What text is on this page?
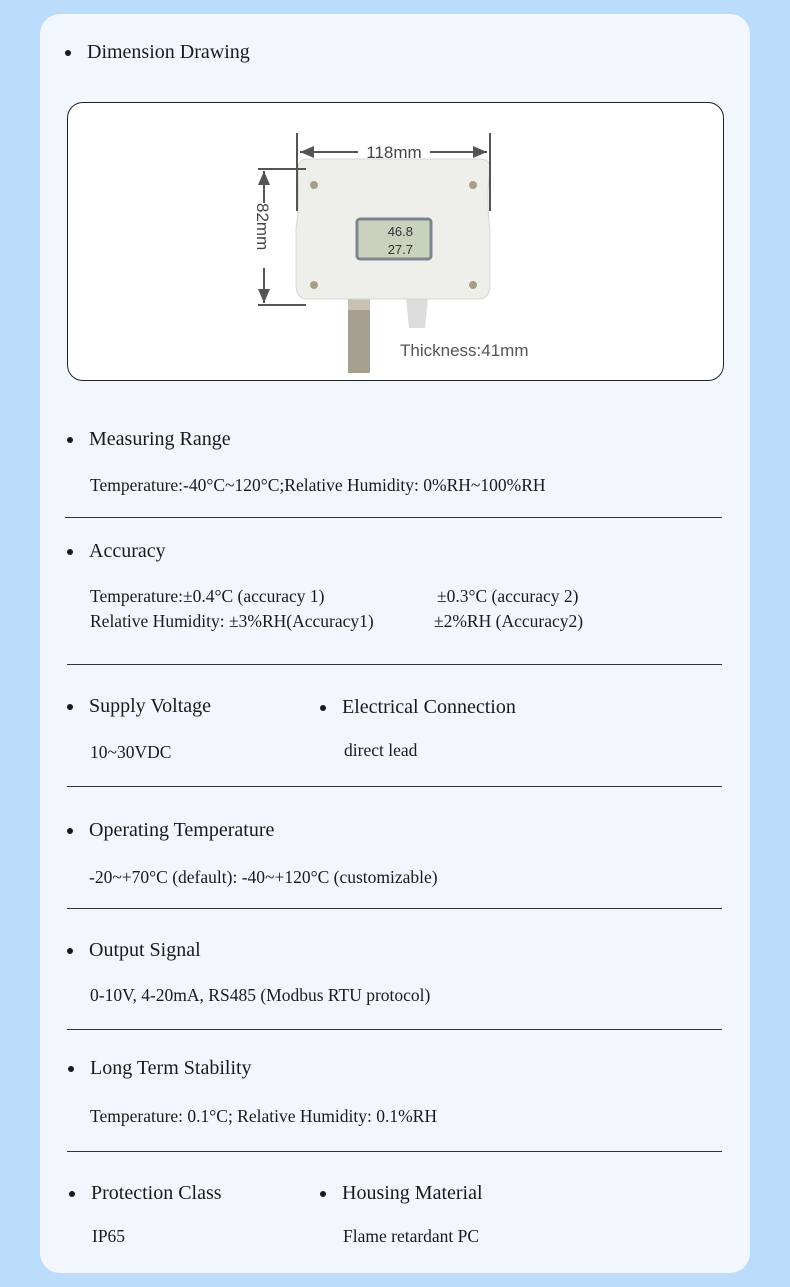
Dimension Drawing
46.8
27.7
118mm
82mm
Thickness:41mm
Measuring Range
Temperature:-40°C~120°C;Relative Humidity: 0%RH~100%RH
Accuracy
Temperature:±0.4°C (accuracy 1)	±0.3°C (accuracy 2)
Relative Humidity: ±3%RH(Accuracy1)	±2%RH (Accuracy2)
Supply Voltage
10~30VDC
Electrical Connection
direct lead
Operating Temperature
-20~+70°C (default): -40~+120°C (customizable)
Output Signal
0-10V, 4-20mA, RS485 (Modbus RTU protocol)
Long Term Stability
Temperature: 0.1°C; Relative Humidity: 0.1%RH
Protection Class
IP65
Housing Material
Flame retardant PC
